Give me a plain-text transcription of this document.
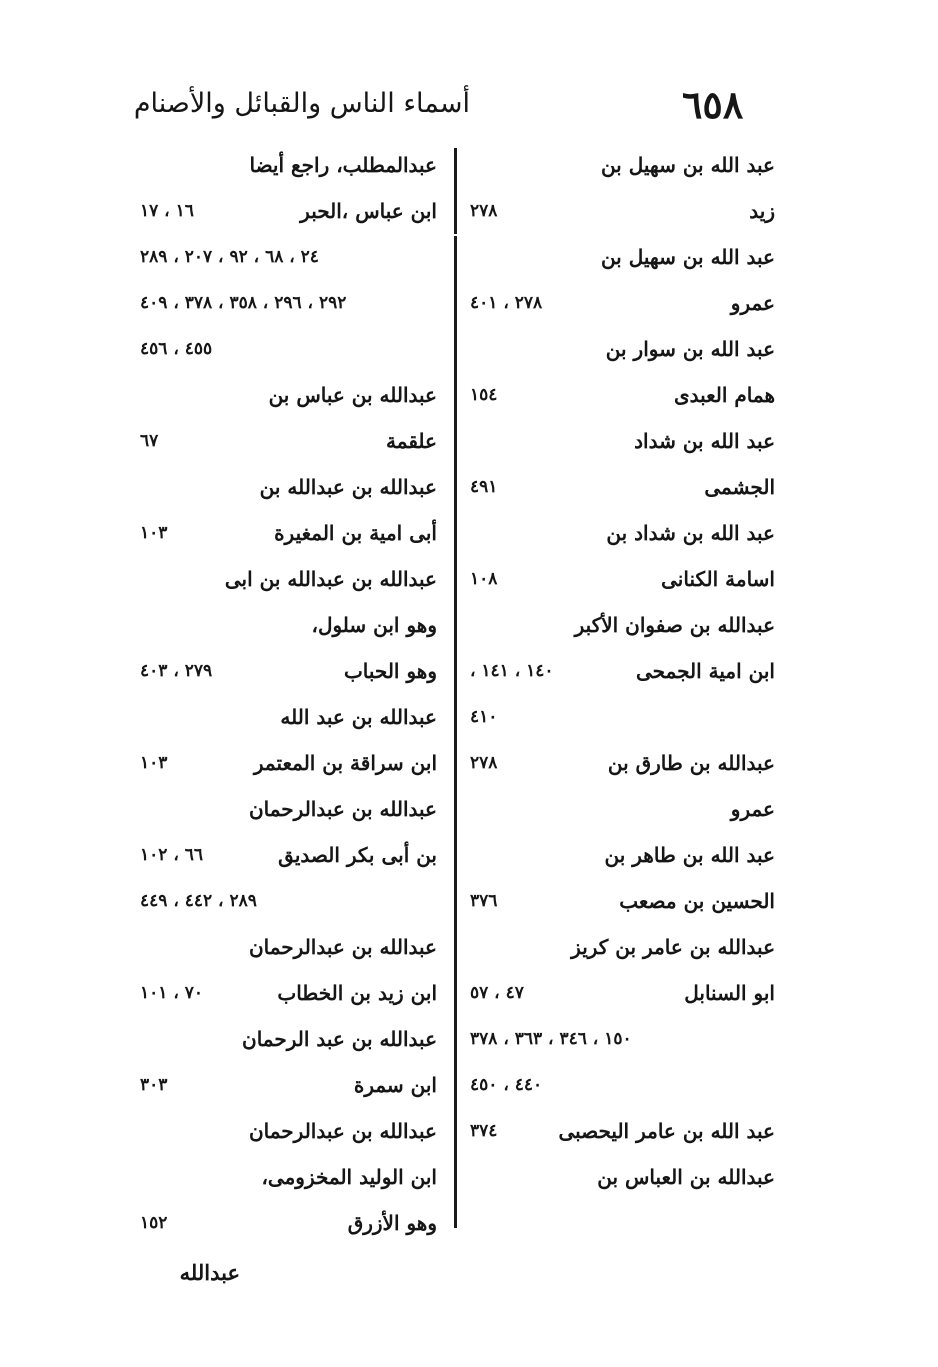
٦٥٨
أسماء الناس والقبائل والأصنام
عبد الله بن سهيل بن
زيد
٢٧٨
عبد الله بن سهيل بن
عمرو
٢٧٨ ، ٤٠١
عبد الله بن سوار بن
همام العبدى
١٥٤
عبد الله بن شداد
الجشمى
٤٩١
عبد الله بن شداد بن
اسامة الكنانى
١٠٨
عبدالله بن صفوان الأكبر
ابن امية الجمحى
١٤٠ ، ١٤١ ،
٤١٠
عبدالله بن طارق بن
٢٧٨
عمرو
عبد الله بن طاهر بن
الحسين بن مصعب
٣٧٦
عبدالله بن عامر بن كريز
ابو السنابل
٤٧ ، ٥٧
١٥٠ ، ٣٤٦ ، ٣٦٣ ، ٣٧٨
٤٤٠ ، ٤٥٠
عبد الله بن عامر اليحصبى
٣٧٤
عبدالله بن العباس بن
عبدالمطلب، راجع أيضا
ابن عباس ،الحبر
١٦ ، ١٧
٢٤ ، ٦٨ ، ٩٢ ، ٢٠٧ ، ٢٨٩
٢٩٢ ، ٢٩٦ ، ٣٥٨ ، ٣٧٨ ، ٤٠٩
٤٥٥ ، ٤٥٦
عبدالله بن عباس بن
علقمة
٦٧
عبدالله بن عبدالله بن
أبى امية بن المغيرة
١٠٣
عبدالله بن عبدالله بن ابى
وهو ابن سلول،
وهو الحباب
٢٧٩ ، ٤٠٣
عبدالله بن عبد الله
ابن سراقة بن المعتمر
١٠٣
عبدالله بن عبدالرحمان
بن أبى بكر الصديق
٦٦ ، ١٠٢
٢٨٩ ، ٤٤٢ ، ٤٤٩
عبدالله بن عبدالرحمان
ابن زيد بن الخطاب
٧٠ ، ١٠١
عبدالله بن عبد الرحمان
ابن سمرة
٣٠٣
عبدالله بن عبدالرحمان
ابن الوليد المخزومى،
وهو الأزرق
١٥٢
عبدالله
